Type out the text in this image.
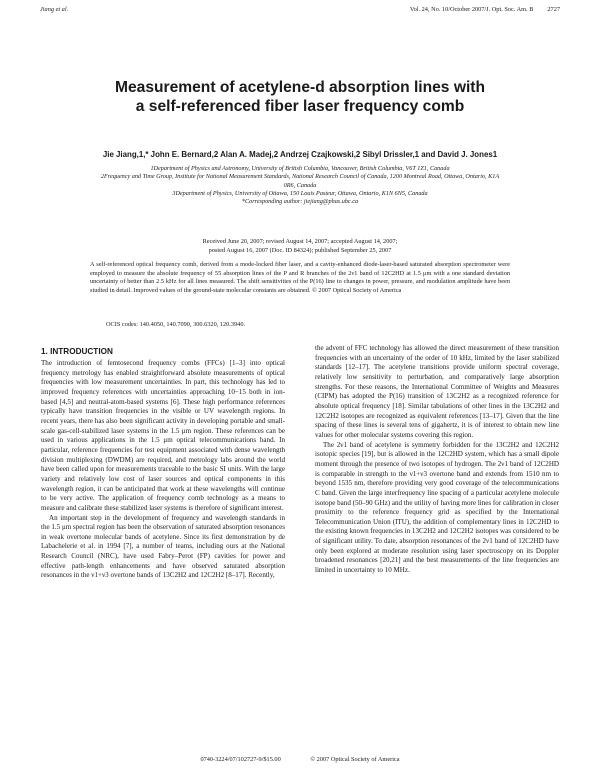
Jiang et al.	Vol. 24, No. 10/October 2007/J. Opt. Soc. Am. B 2727
Measurement of acetylene-d absorption lines with
a self-referenced fiber laser frequency comb
Jie Jiang,1,* John E. Bernard,2 Alan A. Madej,2 Andrzej Czajkowski,2 Sibyl Drissler,1 and David J. Jones1

1Department of Physics and Astronomy, University of British Columbia, Vancouver, British Columbia, V6T 1Z1, Canada

2Frequency and Time Group, Institute for National Measurement Standards, National Research Council of Canada, 1200 Montreal Road, Ottawa, Ontario, K1A 0R6, Canada

3Department of Physics, University of Ottawa, 150 Louis Pasteur, Ottawa, Ontario, K1N 6N5, Canada

*Corresponding author: jiejiang@phas.ubc.ca

Received June 20, 2007; revised August 14, 2007; accepted August 14, 2007;
posted August 16, 2007 (Doc. ID 84324); published September 25, 2007

A self-referenced optical frequency comb, derived from a mode-locked fiber laser, and a cavity-enhanced diode-laser-based saturated absorption spectrometer were employed to measure the absolute frequency of 55 absorption lines of the P and R branches of the 2ν1 band of 12C2HD at 1.5 μm with a one standard deviation uncertainty of better than 2.5 kHz for all lines measured. The shift sensitivities of the P(16) line to changes in power, pressure, and modulation amplitude have been studied in detail. Improved values of the ground-state molecular constants are obtained. © 2007 Optical Society of America

OCIS codes: 140.4050, 140.7090, 300.6320, 120.3940.
1. INTRODUCTION

The introduction of femtosecond frequency combs (FFCs) [1–3] into optical frequency metrology has enabled straightforward absolute measurements of optical frequencies with low measurement uncertainties. In part, this technology has led to improved frequency references with uncertainties approaching 10−15 both in ion-based [4,5] and neutral-atom-based systems [6]. These high performance references typically have transition frequencies in the visible or UV wavelength regions. In recent years, there has also been significant activity in developing portable and small-scale gas-cell-stabilized laser systems in the 1.5 μm region. These references can be used in various applications in the 1.5 μm optical telecommunications band. In particular, reference frequencies for test equipment associated with dense wavelength division multiplexing (DWDM) are required, and metrology labs around the world have been called upon for measurements traceable to the basic SI units. With the large variety and relatively low cost of laser sources and optical components in this wavelength region, it can be anticipated that work at these wavelengths will continue to be very active. The application of frequency comb technology as a means to measure and calibrate these stabilized laser systems is therefore of significant interest.

An important step in the development of frequency and wavelength standards in the 1.5 μm spectral region has been the observation of saturated absorption resonances in weak overtone molecular bands of acetylene. Since its first demonstration by de Labachelerie et al. in 1994 [7], a number of teams, including ours at the National Research Council (NRC), have used Fabry–Perot (FP) cavities for power and effective path-length enhancements and have observed saturated absorption resonances in the ν1+ν3 overtone bands of 13C2H2 and 12C2H2 [8–17]. Recently,

the advent of FFC technology has allowed the direct measurement of these transition frequencies with an uncertainty of the order of 10 kHz, limited by the laser stabilized standards [12–17]. The acetylene transitions provide uniform spectral coverage, relatively low sensitivity to perturbation, and comparatively large absorption strengths. For these reasons, the International Committee of Weights and Measures (CIPM) has adopted the P(16) transition of 13C2H2 as a recognized reference for absolute optical frequency [18]. Similar tabulations of other lines in the 13C2H2 and 12C2H2 isotopes are recognized as equivalent references [13–17]. Given that the line spacing of these lines is several tens of gigahertz, it is of interest to obtain new line values for other molecular systems covering this region.

The 2ν1 band of acetylene is symmetry forbidden for the 13C2H2 and 12C2H2 isotopic species [19], but is allowed in the 12C2HD system, which has a small dipole moment through the presence of two isotopes of hydrogen. The 2ν1 band of 12C2HD is comparable in strength to the ν1+ν3 overtone band and extends from 1510 nm to beyond 1535 nm, therefore providing very good coverage of the telecommunications C band. Given the large interfrequency line spacing of a particular acetylene molecule isotope band (50–90 GHz) and the utility of having more lines for calibration in closer proximity to the reference frequency grid as specified by the International Telecommunication Union (ITU), the addition of complementary lines in 12C2HD to the existing known frequencies in 13C2H2 and 12C2H2 isotopes was considered to be of significant utility. To date, absorption resonances of the 2ν1 band of 12C2HD have only been explored at moderate resolution using laser spectroscopy on its Doppler broadened resonances [20,21] and the best measurements of the line frequencies are limited in uncertainty to 10 MHz.

0740-3224/07/102727-9/$15.00	© 2007 Optical Society of America
